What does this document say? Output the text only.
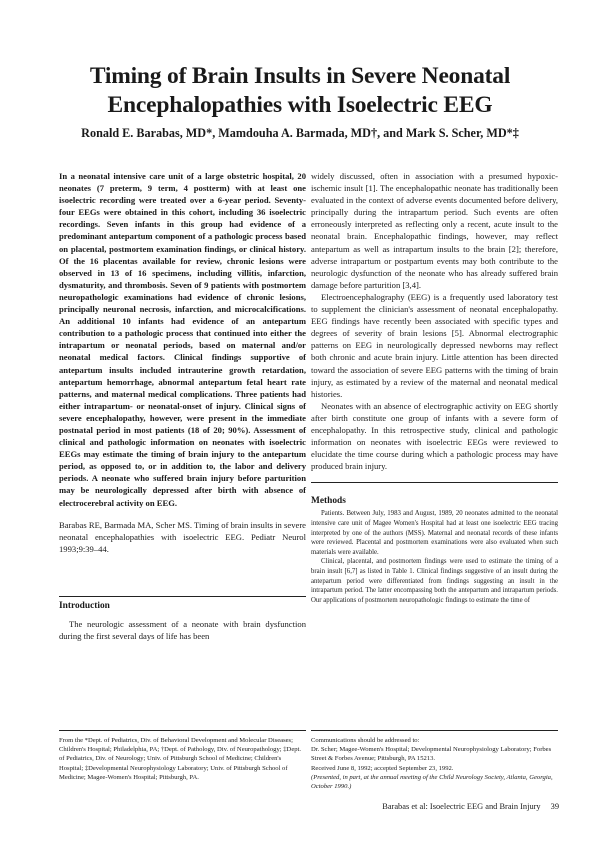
Timing of Brain Insults in Severe Neonatal
Encephalopathies with Isoelectric EEG
Ronald E. Barabas, MD*, Mamdouha A. Barmada, MD†, and Mark S. Scher, MD*‡

In a neonatal intensive care unit of a large obstetric hospital, 20 neonates (7 preterm, 9 term, 4 postterm) with at least one isoelectric recording were treated over a 6-year period. Seventy-four EEGs were obtained in this cohort, including 36 isoelectric recordings. Seven infants in this group had evidence of a predominant antepartum component of a pathologic process based on placental, postmortem examination findings, or clinical history. Of the 16 placentas available for review, chronic lesions were observed in 13 of 16 specimens, including villitis, infarction, dysmaturity, and thrombosis. Seven of 9 patients with postmortem neuropathologic examinations had evidence of chronic lesions, principally neuronal necrosis, infarction, and microcalcifications. An additional 10 infants had evidence of an antepartum contribution to a pathologic process that continued into either the intrapartum or neonatal periods, based on maternal and/or neonatal medical factors. Clinical findings supportive of antepartum insults included intrauterine growth retardation, antepartum hemorrhage, abnormal antepartum fetal heart rate patterns, and maternal medical complications. Three patients had either intrapartum- or neonatal-onset of injury. Clinical signs of severe encephalopathy, however, were present in the immediate postnatal period in most patients (18 of 20; 90%). Assessment of clinical and pathologic information on neonates with isoelectric EEGs may estimate the timing of brain injury to the antepartum period, as opposed to, or in addition to, the labor and delivery periods. A neonate who suffered brain injury before parturition may be neurologically depressed after birth with absence of electrocerebral activity on EEG.

Barabas RE, Barmada MA, Scher MS. Timing of brain insults in severe neonatal encephalopathies with isoelectric EEG. Pediatr Neurol 1993;9:39–44.

Introduction

The neurologic assessment of a neonate with brain dysfunction during the first several days of life has been

widely discussed, often in association with a presumed hypoxic-ischemic insult [1]. The encephalopathic neonate has traditionally been evaluated in the context of adverse events documented before delivery, principally during the intrapartum period. Such events are often erroneously interpreted as reflecting only a recent, acute insult to the neonatal brain. Encephalopathic findings, however, may reflect antepartum as well as intrapartum insults to the brain [2]; therefore, adverse intrapartum or postpartum events may both contribute to the neurologic dysfunction of the neonate who has already suffered brain damage before parturition [3,4].

Electroencephalography (EEG) is a frequently used laboratory test to supplement the clinician's assessment of neonatal encephalopathy. EEG findings have recently been associated with specific types and degrees of severity of brain lesions [5]. Abnormal electrographic patterns on EEG in neurologically depressed newborns may reflect both chronic and acute brain injury. Little attention has been directed toward the association of severe EEG patterns with the timing of brain injury, as estimated by a review of the maternal and neonatal medical histories.

Neonates with an absence of electrographic activity on EEG shortly after birth constitute one group of infants with a severe form of encephalopathy. In this retrospective study, clinical and pathologic information on neonates with isoelectric EEGs were reviewed to elucidate the time course during which a pathologic process may have produced brain injury.

Methods

Patients. Between July, 1983 and August, 1989, 20 neonates admitted to the neonatal intensive care unit of Magee Women's Hospital had at least one isoelectric EEG tracing interpreted by one of the authors (MSS). Maternal and neonatal records of these infants were reviewed. Placental and postmortem examinations were also evaluated when such materials were available.

Clinical, placental, and postmortem findings were used to estimate the timing of a brain insult [6,7] as listed in Table 1. Clinical findings suggestive of an insult during the antepartum period were differentiated from findings suggesting an insult in the intrapartum period. The latter encompassing both the antepartum and intrapartum periods. Our applications of postmortem neuropathologic findings to estimate the time of

From the *Dept. of Pediatrics, Div. of Behavioral Development and Molecular Diseases; Children's Hospital; Philadelphia, PA; †Dept. of Pathology, Div. of Neuropathology; ‡Dept. of Pediatrics, Div. of Neurology; Univ. of Pittsburgh School of Medicine; Children's Hospital; ‡Developmental Neurophysiology Laboratory; Univ. of Pittsburgh School of Medicine; Magee-Women's Hospital; Pittsburgh, PA.

Communications should be addressed to:

Dr. Scher; Magee-Women's Hospital; Developmental Neurophysiology Laboratory; Forbes Street & Forbes Avenue; Pittsburgh, PA 15213.

Received June 8, 1992; accepted September 23, 1992.

(Presented, in part, at the annual meeting of the Child Neurology Society, Atlanta, Georgia, October 1990.)

Barabas et al: Isoelectric EEG and Brain Injury 39
